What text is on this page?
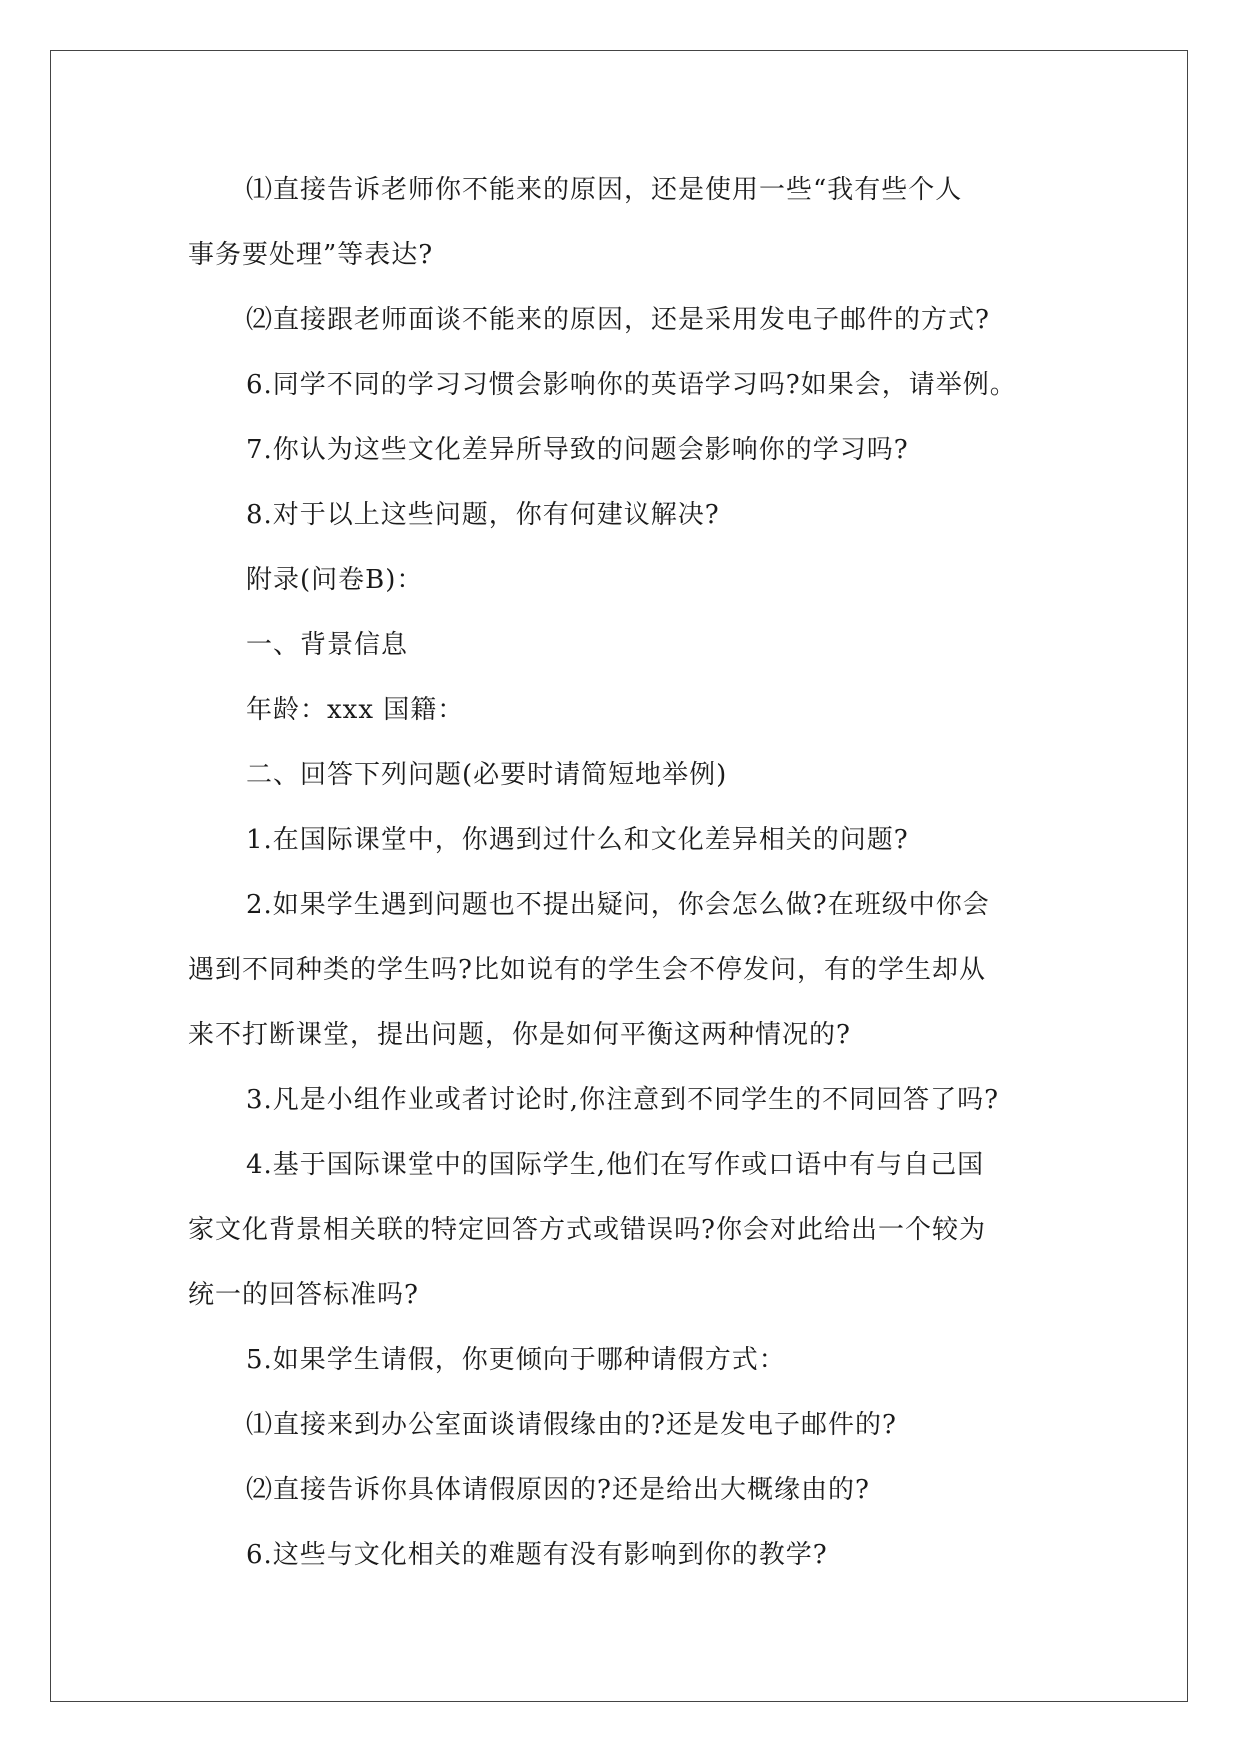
⑴直接告诉老师你不能来的原因，还是使用一些“我有些个人
事务要处理”等表达?
⑵直接跟老师面谈不能来的原因，还是采用发电子邮件的方式?
6.同学不同的学习习惯会影响你的英语学习吗?如果会，请举例。
7.你认为这些文化差异所导致的问题会影响你的学习吗?
8.对于以上这些问题，你有何建议解决?
附录(问卷B)：
一、背景信息
年龄：xxx 国籍：
二、回答下列问题(必要时请简短地举例)
1.在国际课堂中，你遇到过什么和文化差异相关的问题?
2.如果学生遇到问题也不提出疑问，你会怎么做?在班级中你会
遇到不同种类的学生吗?比如说有的学生会不停发问，有的学生却从
来不打断课堂，提出问题，你是如何平衡这两种情况的?
3.凡是小组作业或者讨论时,你注意到不同学生的不同回答了吗?
4.基于国际课堂中的国际学生,他们在写作或口语中有与自己国
家文化背景相关联的特定回答方式或错误吗?你会对此给出一个较为
统一的回答标准吗?
5.如果学生请假，你更倾向于哪种请假方式：
⑴直接来到办公室面谈请假缘由的?还是发电子邮件的?
⑵直接告诉你具体请假原因的?还是给出大概缘由的?
6.这些与文化相关的难题有没有影响到你的教学?
